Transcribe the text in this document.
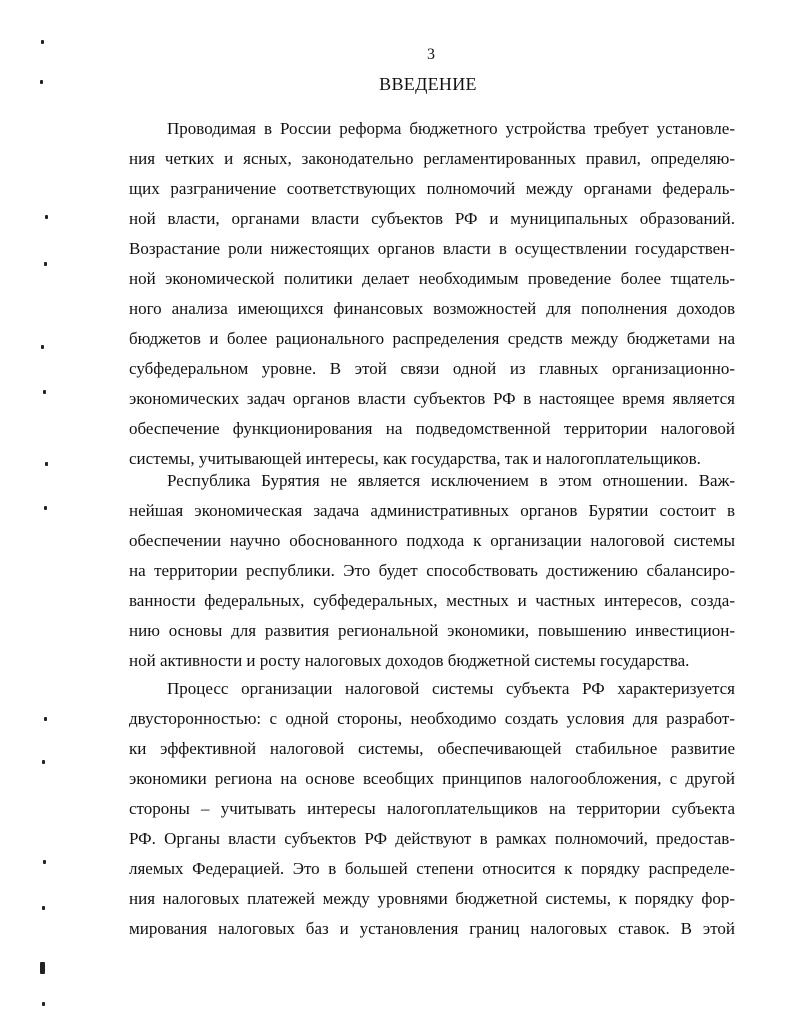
3
ВВЕДЕНИЕ
Проводимая в России реформа бюджетного устройства требует установле-
ния четких и ясных, законодательно регламентированных правил, определяю-
щих разграничение соответствующих полномочий между органами федераль-
ной власти, органами власти субъектов РФ и муниципальных образований.
Возрастание роли нижестоящих органов власти в осуществлении государствен-
ной экономической политики делает необходимым проведение более тщатель-
ного анализа имеющихся финансовых возможностей для пополнения доходов
бюджетов и более рационального распределения средств между бюджетами на
субфедеральном уровне. В этой связи одной из главных организационно-
экономических задач органов власти субъектов РФ в настоящее время является
обеспечение функционирования на подведомственной территории налоговой
системы, учитывающей интересы, как государства, так и налогоплательщиков.
Республика Бурятия не является исключением в этом отношении. Важ-
нейшая экономическая задача административных органов Бурятии состоит в
обеспечении научно обоснованного подхода к организации налоговой системы
на территории республики. Это будет способствовать достижению сбалансиро-
ванности федеральных, субфедеральных, местных и частных интересов, созда-
нию основы для развития региональной экономики, повышению инвестицион-
ной активности и росту налоговых доходов бюджетной системы государства.
Процесс организации налоговой системы субъекта РФ характеризуется
двусторонностью: с одной стороны, необходимо создать условия для разработ-
ки эффективной налоговой системы, обеспечивающей стабильное развитие
экономики региона на основе всеобщих принципов налогообложения, с другой
стороны – учитывать интересы налогоплательщиков на территории субъекта
РФ. Органы власти субъектов РФ действуют в рамках полномочий, предостав-
ляемых Федерацией. Это в большей степени относится к порядку распределе-
ния налоговых платежей между уровнями бюджетной системы, к порядку фор-
мирования налоговых баз и установления границ налоговых ставок. В этой
